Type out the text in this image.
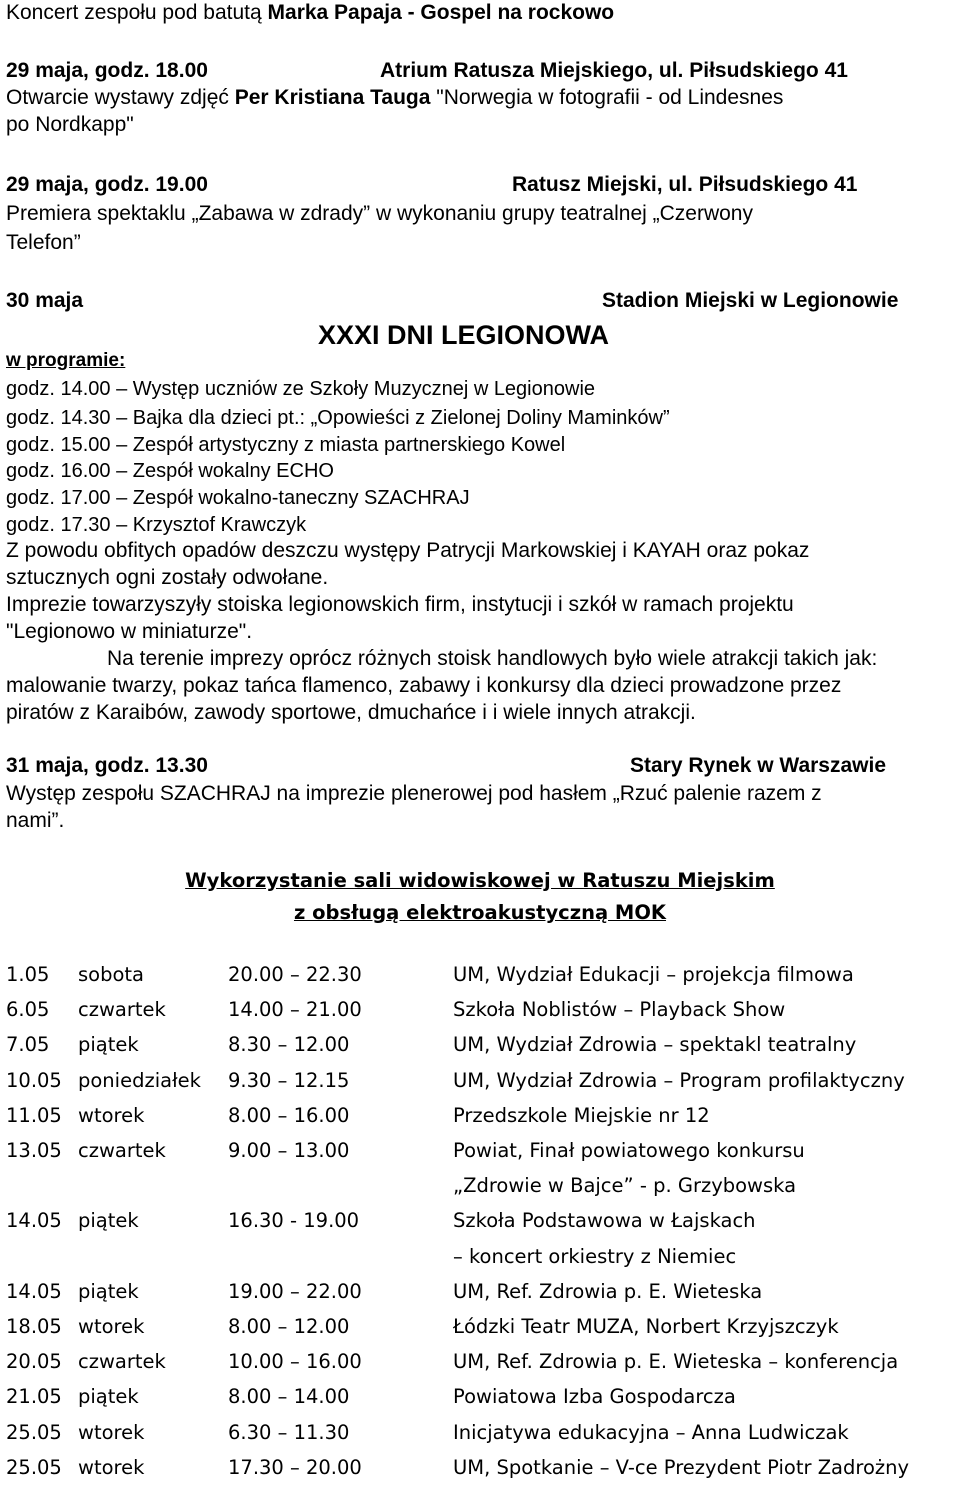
Koncert zespołu pod batutą Marka Papaja - Gospel na rockowo
29 maja, godz. 18.00	Atrium Ratusza Miejskiego, ul. Piłsudskiego 41
Otwarcie wystawy zdjęć Per Kristiana Tauga "Norwegia w fotografii - od Lindesnes
po Nordkapp"
29 maja, godz. 19.00	Ratusz Miejski, ul. Piłsudskiego 41
Premiera spektaklu „Zabawa w zdrady” w wykonaniu grupy teatralnej „Czerwony
Telefon”
30 maja	Stadion Miejski w Legionowie
XXXI DNI LEGIONOWA
w programie:
godz. 14.00 – Występ uczniów ze Szkoły Muzycznej w Legionowie
godz. 14.30 – Bajka dla dzieci pt.: „Opowieści z Zielonej Doliny Maminków”
godz. 15.00 – Zespół artystyczny z miasta partnerskiego Kowel
godz. 16.00 – Zespół wokalny ECHO
godz. 17.00 – Zespół wokalno-taneczny SZACHRAJ
godz. 17.30 – Krzysztof Krawczyk
Z powodu obfitych opadów deszczu występy Patrycji Markowskiej i KAYAH oraz pokaz
sztucznych ogni zostały odwołane.
Imprezie towarzyszyły stoiska legionowskich firm, instytucji i szkół w ramach projektu
"Legionowo w miniaturze".
Na terenie imprezy oprócz różnych stoisk handlowych było wiele atrakcji takich jak:
malowanie twarzy, pokaz tańca flamenco, zabawy i konkursy dla dzieci prowadzone przez
piratów z Karaibów, zawody sportowe, dmuchańce i i wiele innych atrakcji.
31 maja, godz. 13.30	Stary Rynek w Warszawie
Występ zespołu SZACHRAJ na imprezie plenerowej pod hasłem „Rzuć palenie razem z
nami”.
Wykorzystanie sali widowiskowej w Ratuszu Miejskim
z obsługą elektroakustyczną MOK
1.05 sobota	20.00 – 22.30	UM, Wydział Edukacji – projekcja filmowa
6.05 czwartek	14.00 – 21.00	Szkoła Noblistów – Playback Show
7.05 piątek	8.30 – 12.00	UM, Wydział Zdrowia – spektakl teatralny
10.05 poniedziałek 9.30 – 12.15	UM, Wydział Zdrowia – Program profilaktyczny
11.05 wtorek	8.00 – 16.00	Przedszkole Miejskie nr 12
13.05 czwartek	9.00 – 13.00	Powiat, Finał powiatowego konkursu
„Zdrowie w Bajce” - p. Grzybowska
14.05 piątek	16.30 - 19.00	Szkoła Podstawowa w Łajskach
– koncert orkiestry z Niemiec
14.05 piątek	19.00 – 22.00	UM, Ref. Zdrowia p. E. Wieteska
18.05 wtorek	8.00 – 12.00	Łódzki Teatr MUZA, Norbert Krzyjszczyk
20.05 czwartek	10.00 – 16.00	UM, Ref. Zdrowia p. E. Wieteska – konferencja
21.05 piątek	8.00 – 14.00	Powiatowa Izba Gospodarcza
25.05 wtorek	6.30 – 11.30	Inicjatywa edukacyjna – Anna Ludwiczak
25.05 wtorek	17.30 – 20.00	UM, Spotkanie – V-ce Prezydent Piotr Zadrożny
